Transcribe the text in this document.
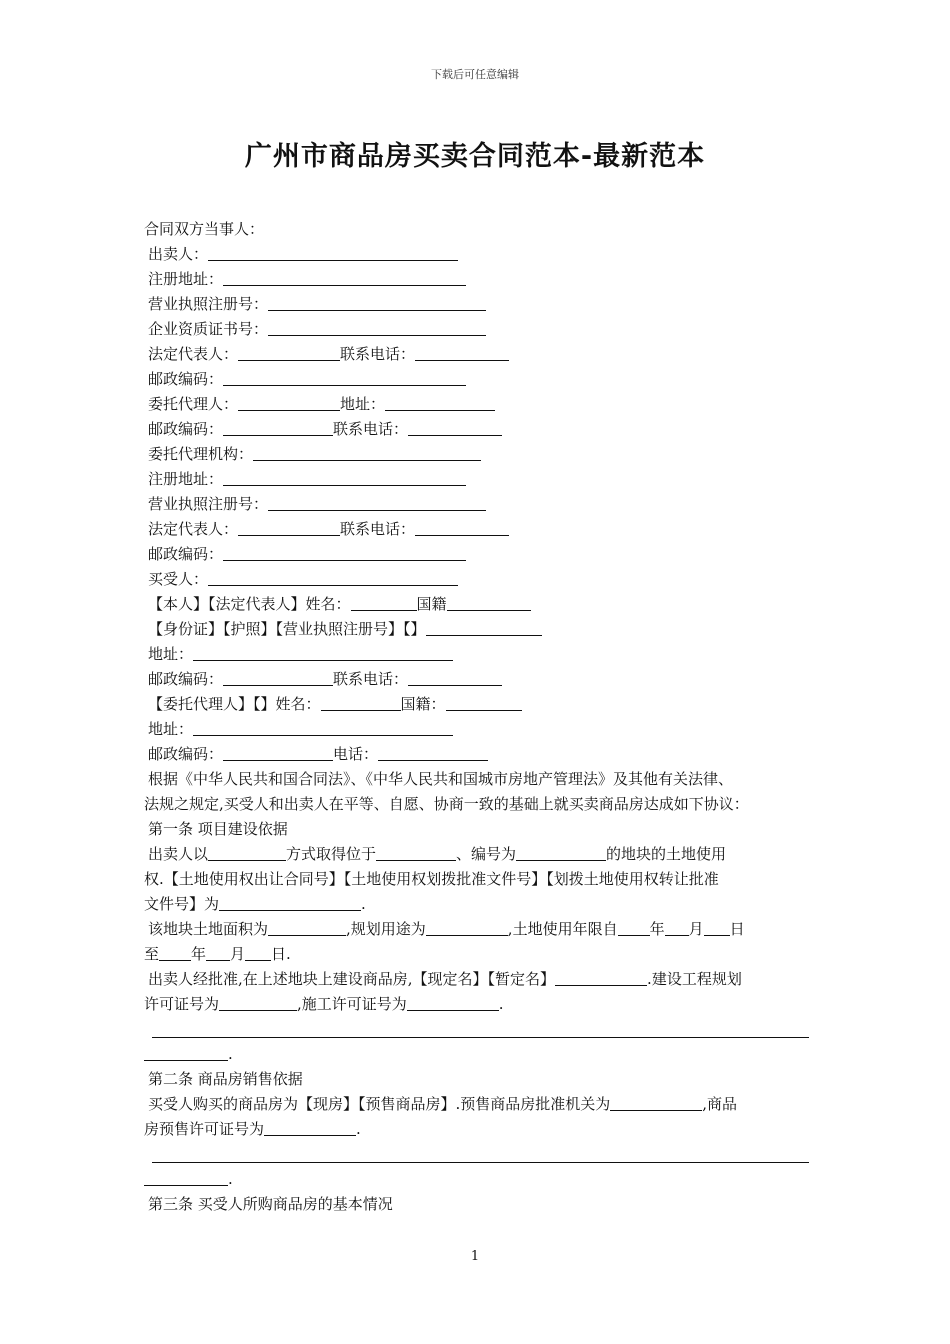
下载后可任意编辑
广州市商品房买卖合同范本-最新范本
合同双方当事人：
出卖人：
注册地址：
营业执照注册号：
企业资质证书号：
法定代表人：	联系电话：
邮政编码：
委托代理人：	地址：
邮政编码：	联系电话：
委托代理机构：
注册地址：
营业执照注册号：
法定代表人：	联系电话：
邮政编码：
买受人：
【本人】【法定代表人】姓名：	国籍
【身份证】【护照】【营业执照注册号】【】
地址：
邮政编码：	联系电话：
【委托代理人】【】姓名：	国籍：
地址：
邮政编码：	电话：
根据《中华人民共和国合同法》、《中华人民共和国城市房地产管理法》及其他有关法律、
法规之规定,买受人和出卖人在平等、自愿、协商一致的基础上就买卖商品房达成如下协议：
第一条 项目建设依据
出卖人以	方式取得位于	、编号为	的地块的土地使用
权.【土地使用权出让合同号】【土地使用权划拨批准文件号】【划拨土地使用权转让批准
文件号】为	.
该地块土地面积为	,规划用途为	,土地使用年限自 年 月 日
至 年 月 日.
出卖人经批准,在上述地块上建设商品房,【现定名】【暂定名】	.建设工程规划
许可证号为	,施工许可证号为	.
.
第二条 商品房销售依据
买受人购买的商品房为【现房】【预售商品房】.预售商品房批准机关为	,商品
房预售许可证号为	.
.
第三条 买受人所购商品房的基本情况
1
